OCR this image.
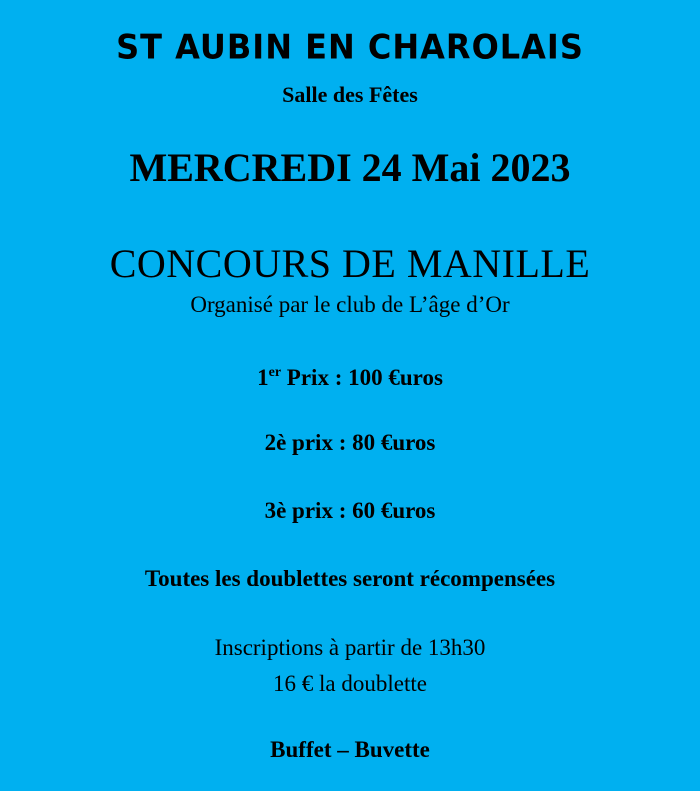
ST AUBIN EN CHAROLAIS
Salle des Fêtes
MERCREDI 24 Mai 2023
CONCOURS DE MANILLE
Organisé par le club de L’âge d’Or
1er Prix : 100 €uros
2è prix : 80 €uros
3è prix : 60 €uros
Toutes les doublettes seront récompensées
Inscriptions à partir de 13h30
16 € la doublette
Buffet – Buvette
